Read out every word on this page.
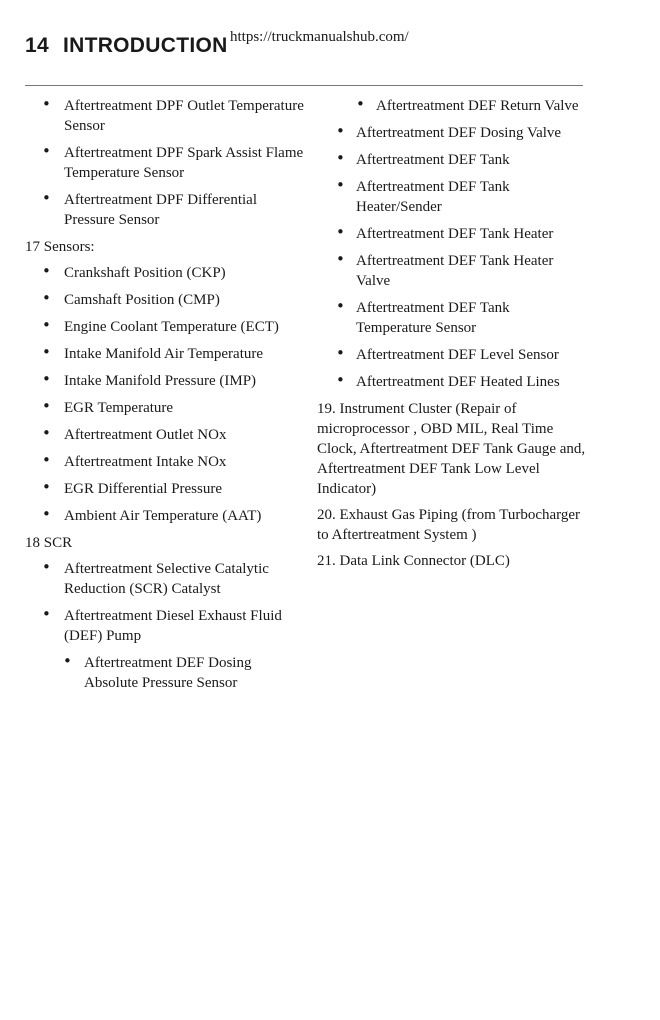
14 INTRODUCTION https://truckmanualshub.com/
• Aftertreatment DPF Outlet Temperature Sensor
• Aftertreatment DPF Spark Assist Flame Temperature Sensor
• Aftertreatment DPF Differential Pressure Sensor
17 Sensors:
• Crankshaft Position (CKP)
• Camshaft Position (CMP)
• Engine Coolant Temperature (ECT)
• Intake Manifold Air Temperature
• Intake Manifold Pressure (IMP)
• EGR Temperature
• Aftertreatment Outlet NOx
• Aftertreatment Intake NOx
• EGR Differential Pressure
• Ambient Air Temperature (AAT)
18 SCR
• Aftertreatment Selective Catalytic Reduction (SCR) Catalyst
• Aftertreatment Diesel Exhaust Fluid (DEF) Pump
• Aftertreatment DEF Dosing Absolute Pressure Sensor
• Aftertreatment DEF Return Valve
• Aftertreatment DEF Dosing Valve
• Aftertreatment DEF Tank
• Aftertreatment DEF Tank Heater/Sender
• Aftertreatment DEF Tank Heater
• Aftertreatment DEF Tank Heater Valve
• Aftertreatment DEF Tank Temperature Sensor
• Aftertreatment DEF Level Sensor
• Aftertreatment DEF Heated Lines
19. Instrument Cluster (Repair of microprocessor , OBD MIL, Real Time Clock, Aftertreatment DEF Tank Gauge and, Aftertreatment DEF Tank Low Level Indicator)
20. Exhaust Gas Piping (from Turbocharger to Aftertreatment System )
21. Data Link Connector (DLC)
